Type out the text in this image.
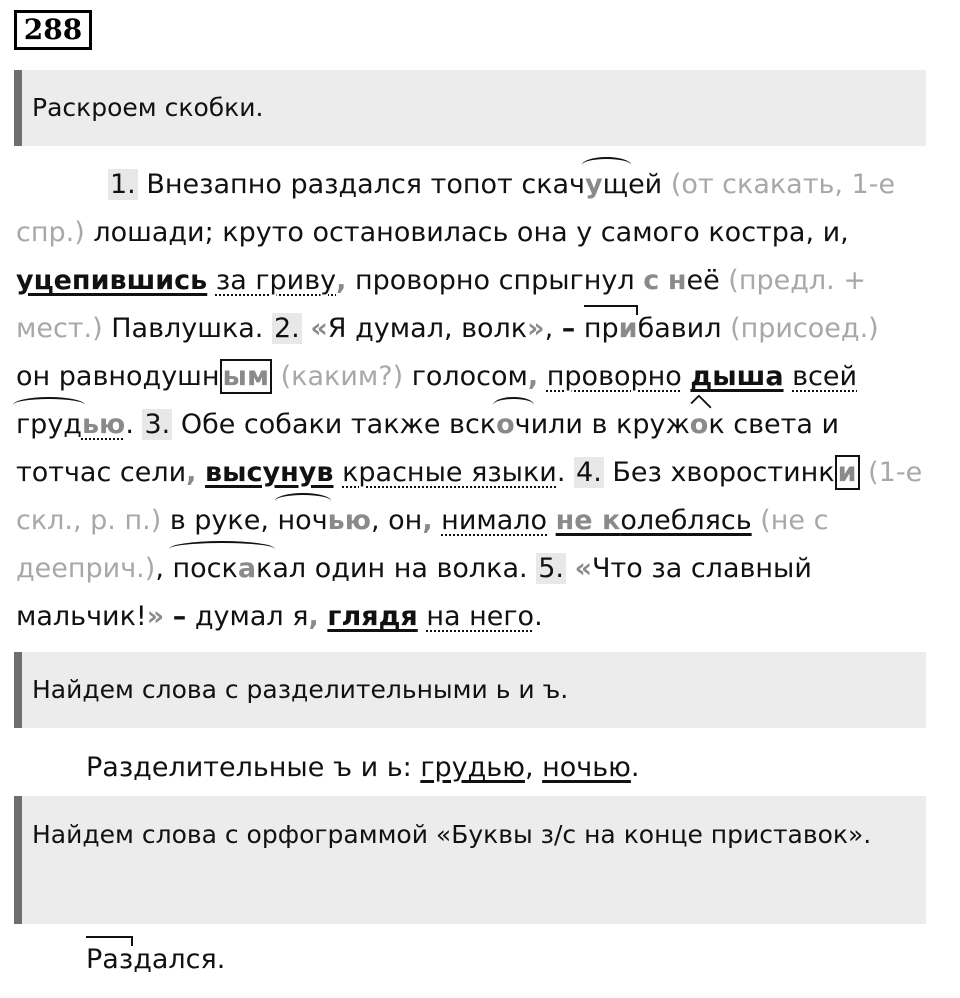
288
Раскроем скобки.
1. Внезапно раздался топот скачущей (от скакать, 1-е
спр.) лошади; круто остановилась она у самого костра, и,
уцепившись за гриву, проворно спрыгнул с неё (предл. +
мест.) Павлушка. 2. «Я думал, волк», – прибавил (присоед.)
он равнодушн ым (каким?) голосом, проворно дыша всей
грудью. 3. Обе собаки также вскочили в кружок света и
тотчас сели, высунув красные языки. 4. Без хворостинк и (1-е
скл., р. п.) в руке, ночью, он, нимало не колеблясь (не с
дееприч.), поскакал один на волка. 5. «Что за славный
мальчик!» – думал я, глядя на него.
Найдем слова с разделительными ь и ъ.
Разделительные ъ и ь: грудью, ночью.
Найдем слова с орфограммой «Буквы з/с на конце приставок».
Раздался.
